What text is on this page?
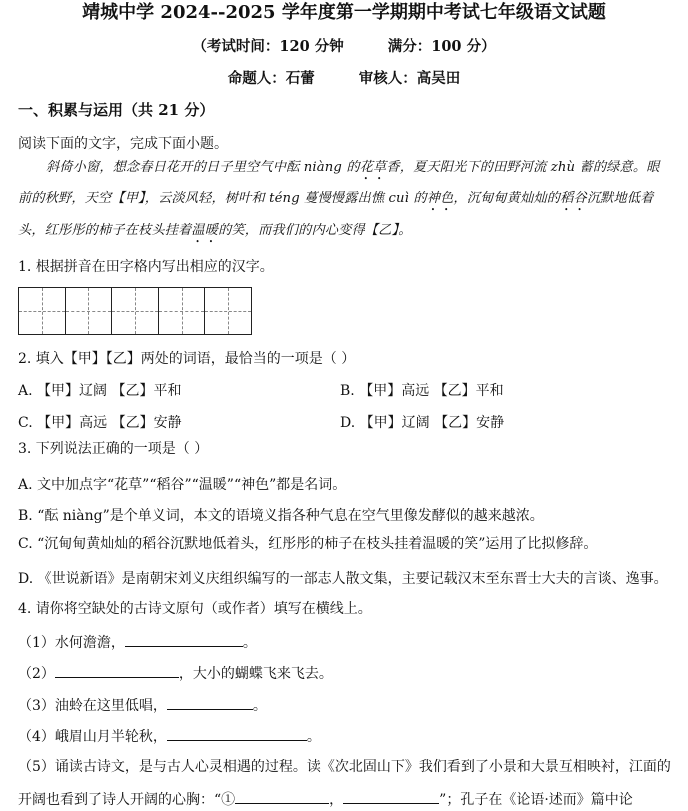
靖城中学 2024--2025 学年度第一学期期中考试七年级语文试题
（考试时间：120 分钟	满分：100 分）
命题人：石蕾	审核人：高吴田
一、积累与运用（共 21 分）
阅读下面的文字，完成下面小题。
斜倚小窗，想念春日花开的日子里空气中酝 niàng 的花草香，夏天阳光下的田野河流 zhù 蓄的绿意。眼
前的秋野，天空【甲】，云淡风轻，树叶和 téng 蔓慢慢露出憔 cuì 的神色，沉甸甸黄灿灿的稻谷沉默地低着
头，红彤彤的柿子在枝头挂着温暖的笑，而我们的内心变得【乙】。
1. 根据拼音在田字格内写出相应的汉字。
2. 填入【甲】【乙】两处的词语，最恰当的一项是（ ）
A. 【甲】辽阔 【乙】平和	B. 【甲】高远 【乙】平和
C. 【甲】高远 【乙】安静	D. 【甲】辽阔 【乙】安静
3. 下列说法正确的一项是（ ）
A. 文中加点字“花草”“稻谷”“温暖”“神色”都是名词。
B. “酝 niàng”是个单义词，本文的语境义指各种气息在空气里像发酵似的越来越浓。
C. “沉甸甸黄灿灿的稻谷沉默地低着头，红彤彤的柿子在枝头挂着温暖的笑”运用了比拟修辞。
D. 《世说新语》是南朝宋刘义庆组织编写的一部志人散文集，主要记载汉末至东晋士大夫的言谈、逸事。
4. 请你将空缺处的古诗文原句（或作者）填写在横线上。
（1）水何澹澹，	。
（2）	，大小的蝴蝶飞来飞去。
（3）油蛉在这里低唱，	。
（4）峨眉山月半轮秋，	。
（5）诵读古诗文，是与古人心灵相遇的过程。读《次北固山下》我们看到了小景和大景互相映衬，江面的
开阔也看到了诗人开阔的心胸：“①	，	”；孔子在《论语·述而》篇中论
